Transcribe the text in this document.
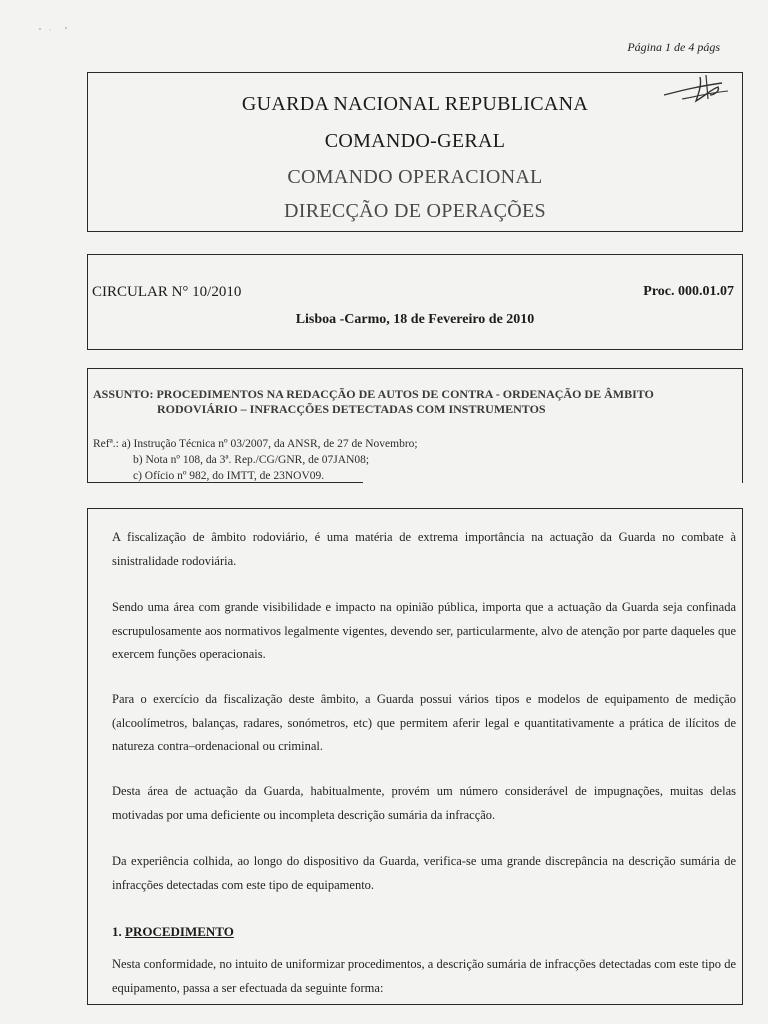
Página 1 de 4 págs
GUARDA NACIONAL REPUBLICANA
COMANDO-GERAL
COMANDO OPERACIONAL
DIRECÇÃO DE OPERAÇÕES
CIRCULAR N° 10/2010	Proc. 000.01.07
Lisboa -Carmo, 18 de Fevereiro de 2010
ASSUNTO: PROCEDIMENTOS NA REDACÇÃO DE AUTOS DE CONTRA - ORDENAÇÃO DE ÂMBITO
RODOVIÁRIO – INFRACÇÕES DETECTADAS COM INSTRUMENTOS
Refª.: a) Instrução Técnica nº 03/2007, da ANSR, de 27 de Novembro;
b) Nota nº 108, da 3ª. Rep./CG/GNR, de 07JAN08;
c) Ofício nº 982, do IMTT, de 23NOV09.
A fiscalização de âmbito rodoviário, é uma matéria de extrema importância na actuação da Guarda no combate à sinistralidade rodoviária.
Sendo uma área com grande visibilidade e impacto na opinião pública, importa que a actuação da Guarda seja confinada escrupulosamente aos normativos legalmente vigentes, devendo ser, particularmente, alvo de atenção por parte daqueles que exercem funções operacionais.
Para o exercício da fiscalização deste âmbito, a Guarda possui vários tipos e modelos de equipamento de medição (alcoolímetros, balanças, radares, sonómetros, etc) que permitem aferir legal e quantitativamente a prática de ilícitos de natureza contra–ordenacional ou criminal.
Desta área de actuação da Guarda, habitualmente, provém um número considerável de impugnações, muitas delas motivadas por uma deficiente ou incompleta descrição sumária da infracção.
Da experiência colhida, ao longo do dispositivo da Guarda, verifica-se uma grande discrepância na descrição sumária de infracções detectadas com este tipo de equipamento.
1. PROCEDIMENTO
Nesta conformidade, no intuito de uniformizar procedimentos, a descrição sumária de infracções detectadas com este tipo de equipamento, passa a ser efectuada da seguinte forma:
